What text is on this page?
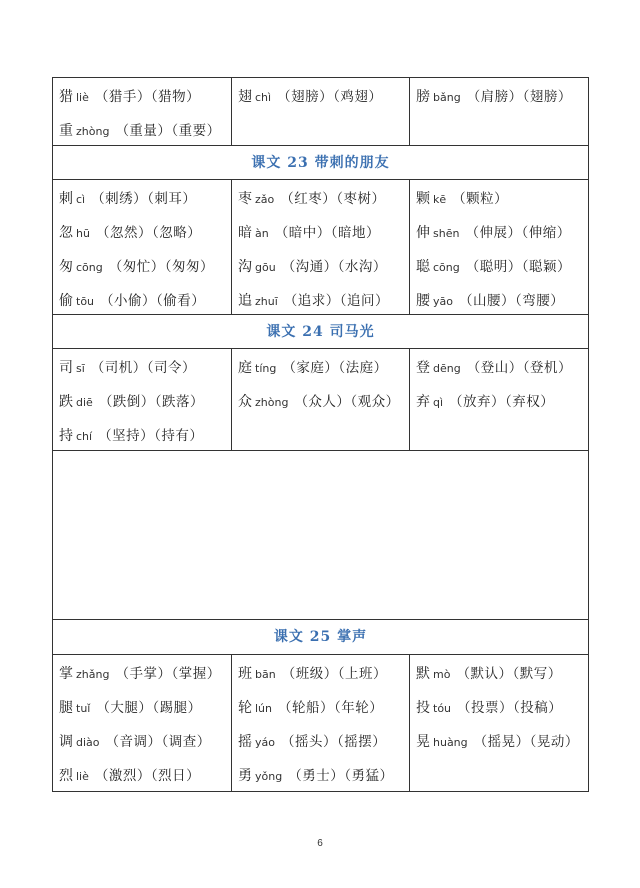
猎 liè （猎手）（猎物）
重 zhòng （重量）（重要）
翅 chì （翅膀）（鸡翅）	膀 bǎng （肩膀）（翅膀）
课文 23 带刺的朋友
刺 cì （刺绣）（刺耳）
忽 hū （忽然）（忽略）
匆 cōng （匆忙）（匆匆）
偷 tōu （小偷）（偷看）
枣 zǎo （红枣）（枣树）
暗 àn （暗中）（暗地）
沟 gōu （沟通）（水沟）
追 zhuī （追求）（追问）
颗 kē （颗粒）
伸 shēn （伸展）（伸缩）
聪 cōng （聪明）（聪颖）
腰 yāo （山腰）（弯腰）
课文 24 司马光
司 sī （司机）（司令）
跌 diē （跌倒）（跌落）
持 chí （坚持）（持有）
庭 tíng （家庭）（法庭）
众 zhòng （众人）（观众）
登 dēng （登山）（登机）
弃 qì （放弃）（弃权）
课文 25 掌声
掌 zhǎng （手掌）（掌握）
腿 tuǐ （大腿）（踢腿）
调 diào （音调）（调查）
烈 liè （激烈）（烈日）
班 bān （班级）（上班）
轮 lún （轮船）（年轮）
摇 yáo （摇头）（摇摆）
勇 yǒng （勇士）（勇猛）
默 mò （默认）（默写）
投 tóu （投票）（投稿）
晃 huàng （摇晃）（晃动）
6
